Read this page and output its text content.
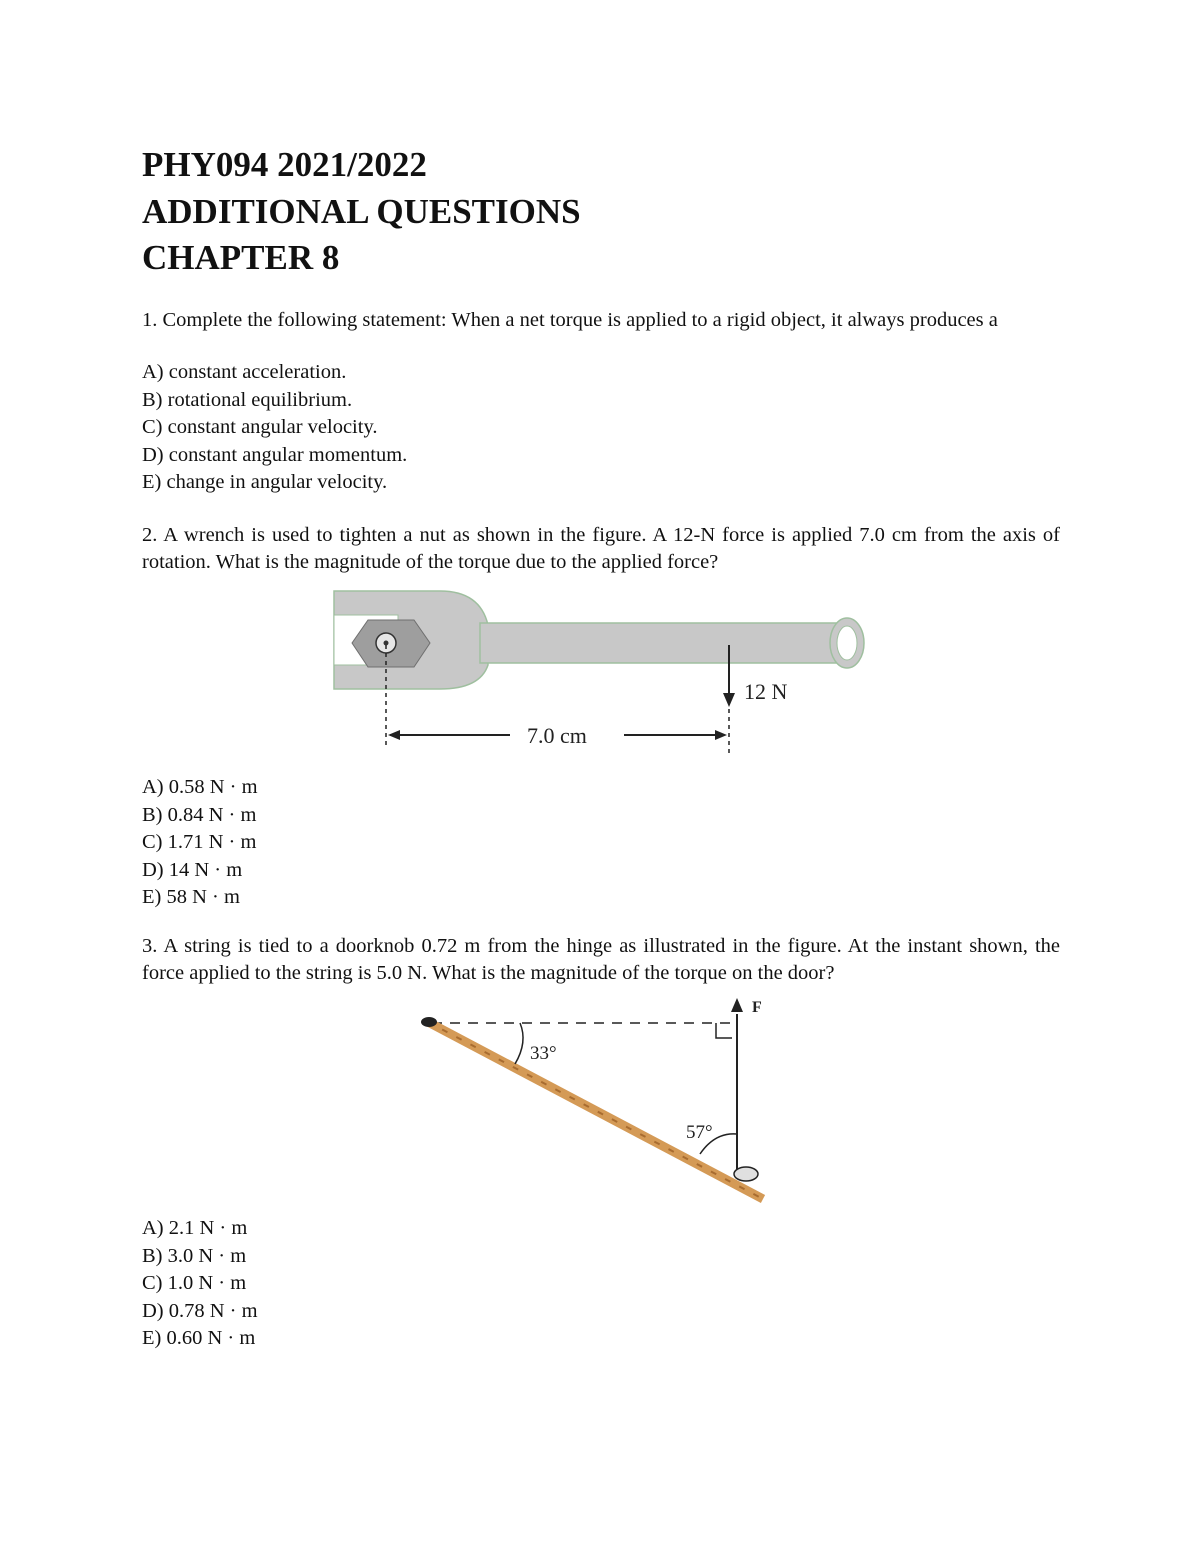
PHY094 2021/2022
ADDITIONAL QUESTIONS
CHAPTER 8
1. Complete the following statement: When a net torque is applied to a rigid object, it always produces a
A) constant acceleration.
B) rotational equilibrium.
C) constant angular velocity.
D) constant angular momentum.
E) change in angular velocity.
2. A wrench is used to tighten a nut as shown in the figure. A 12-N force is applied 7.0 cm from the axis of rotation. What is the magnitude of the torque due to the applied force?
12 N
7.0 cm
A) 0.58 N · m
B) 0.84 N · m
C) 1.71 N · m
D) 14 N · m
E) 58 N · m
3. A string is tied to a doorknob 0.72 m from the hinge as illustrated in the figure. At the instant shown, the force applied to the string is 5.0 N. What is the magnitude of the torque on the door?
F
33°
57°
A) 2.1 N · m
B) 3.0 N · m
C) 1.0 N · m
D) 0.78 N · m
E) 0.60 N · m
